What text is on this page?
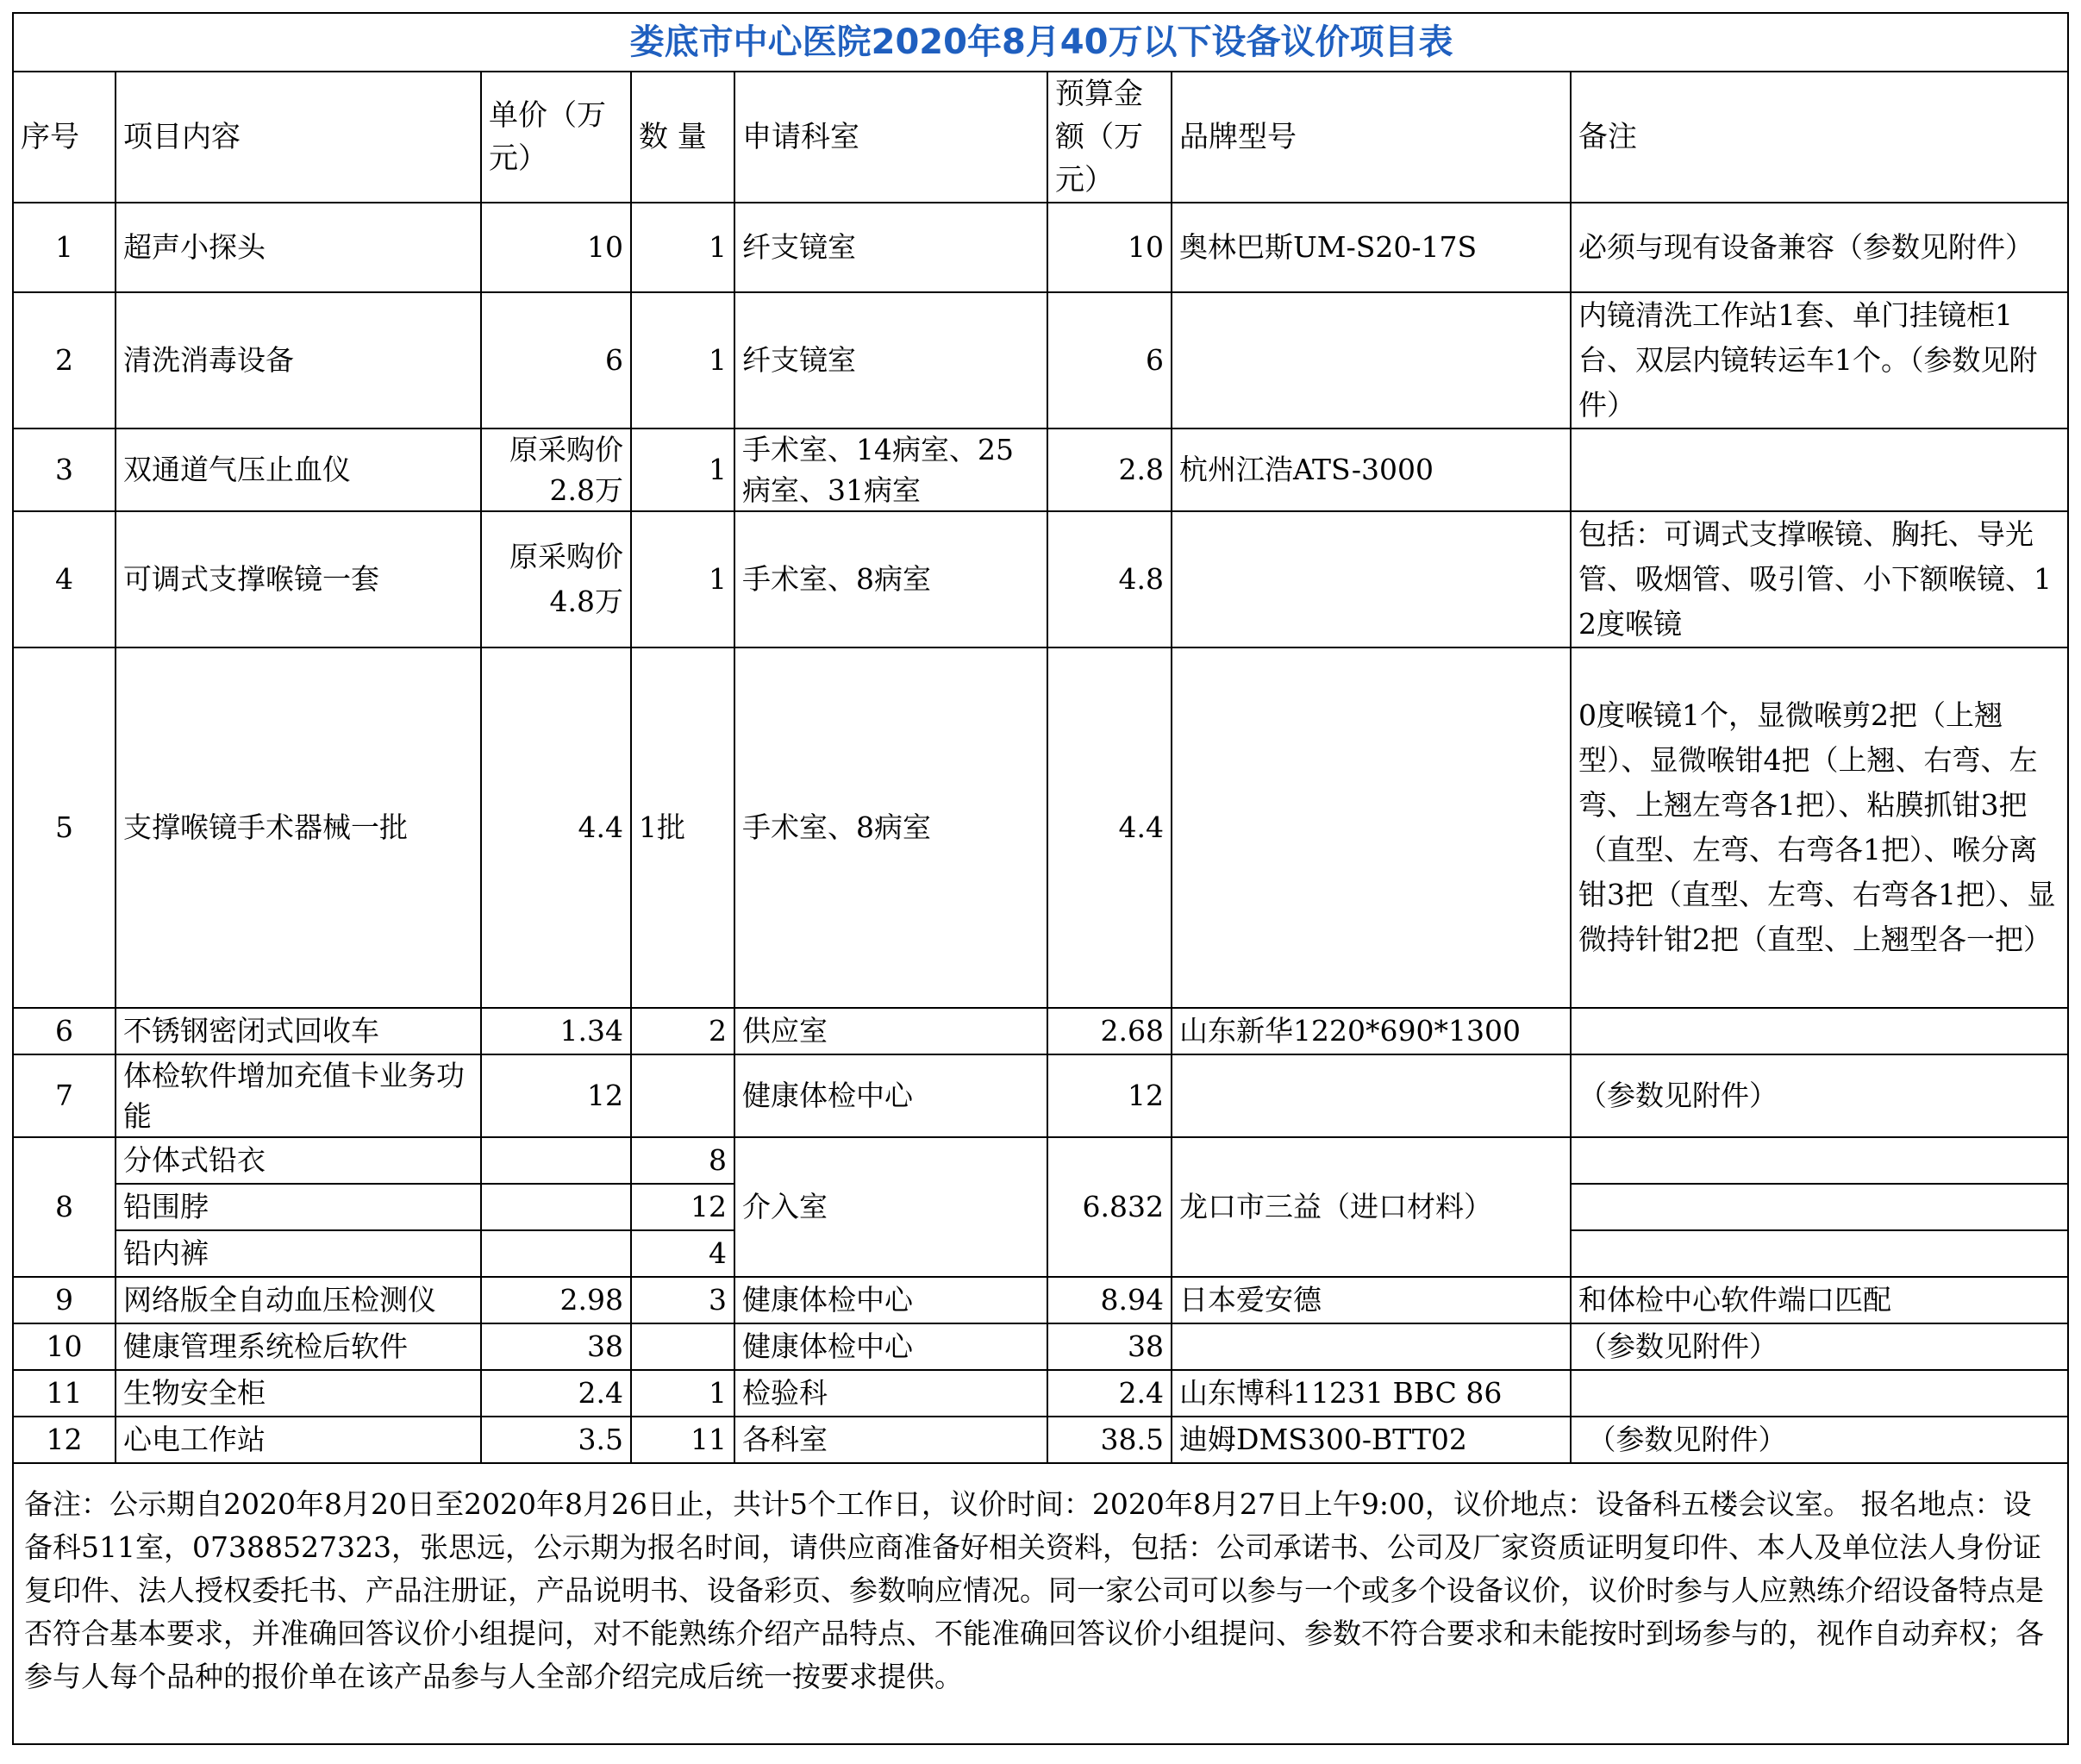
娄底市中心医院2020年8月40万以下设备议价项目表							
序号	项目内容	单价（万元）	数 量	申请科室	预算金额（万元）	品牌型号	备注
1	超声小探头	10	1	纤支镜室	10	奥林巴斯UM-S20-17S	必须与现有设备兼容（参数见附件）
2	清洗消毒设备	6	1	纤支镜室	6		内镜清洗工作站1套、单门挂镜柜1台、双层内镜转运车1个。（参数见附件）
3	双通道气压止血仪	原采购价2.8万	1	手术室、14病室、25病室、31病室	2.8	杭州江浩ATS-3000	
4	可调式支撑喉镜一套	原采购价4.8万	1	手术室、8病室	4.8		包括：可调式支撑喉镜、胸托、导光管、吸烟管、吸引管、小下额喉镜、12度喉镜
5	支撑喉镜手术器械一批	4.4	1批	手术室、8病室	4.4		0度喉镜1个，显微喉剪2把（上翘型）、显微喉钳4把（上翘、右弯、左弯、上翘左弯各1把）、粘膜抓钳3把（直型、左弯、右弯各1把）、喉分离钳3把（直型、左弯、右弯各1把）、显微持针钳2把（直型、上翘型各一把）
6	不锈钢密闭式回收车	1.34	2	供应室	2.68	山东新华1220*690*1300	
7	体检软件增加充值卡业务功能	12		健康体检中心	12		（参数见附件）
8	分体式铅衣		8	介入室	6.832	龙口市三益（进口材料）	
	铅围脖		12				
	铅内裤		4				
9	网络版全自动血压检测仪	2.98	3	健康体检中心	8.94	日本爱安德	和体检中心软件端口匹配
10	健康管理系统检后软件	38		健康体检中心	38		（参数见附件）
11	生物安全柜	2.4	1	检验科	2.4	山东博科11231 BBC 86	
12	心电工作站	3.5	11	各科室	38.5	迪姆DMS300-BTT02	（参数见附件）
备注：公示期自2020年8月20日至2020年8月26日止，共计5个工作日，议价时间：2020年8月27日上午9:00，议价地点：设备科五楼会议室。 报名地点：设备科511室，07388527323，张思远，公示期为报名时间，请供应商准备好相关资料，包括：公司承诺书、公司及厂家资质证明复印件、本人及单位法人身份证复印件、法人授权委托书、产品注册证，产品说明书、设备彩页、参数响应情况。同一家公司可以参与一个或多个设备议价，议价时参与人应熟练介绍设备特点是否符合基本要求，并准确回答议价小组提问，对不能熟练介绍产品特点、不能准确回答议价小组提问、参数不符合要求和未能按时到场参与的，视作自动弃权；各参与人每个品种的报价单在该产品参与人全部介绍完成后统一按要求提供。							
